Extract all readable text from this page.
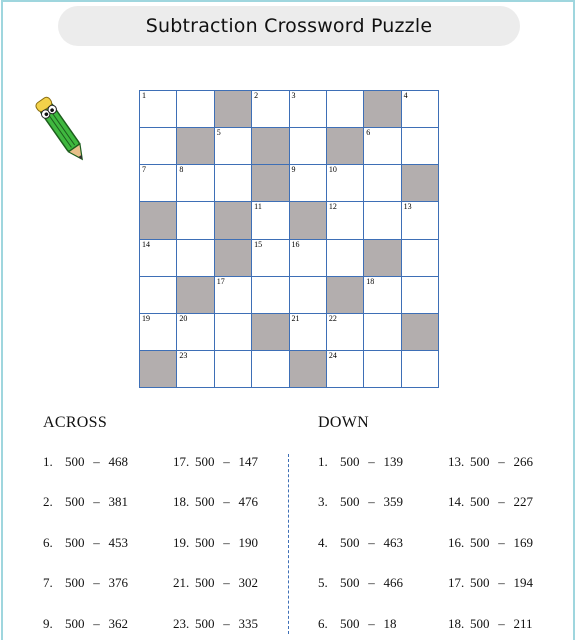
Subtraction Crossword Puzzle
1	2	3	4
5	6
7	8	9	10
11	12	13
14	15	16
17	18
19	20	21	22
23	24
ACROSS	DOWN
1. 500 – 468
2. 500 – 381
6. 500 – 453
7. 500 – 376
9. 500 – 362
17. 500 – 147
18. 500 – 476
19. 500 – 190
21. 500 – 302
23. 500 – 335
1. 500 – 139
3. 500 – 359
4. 500 – 463
5. 500 – 466
6. 500 – 18
13. 500 – 266
14. 500 – 227
16. 500 – 169
17. 500 – 194
18. 500 – 211
